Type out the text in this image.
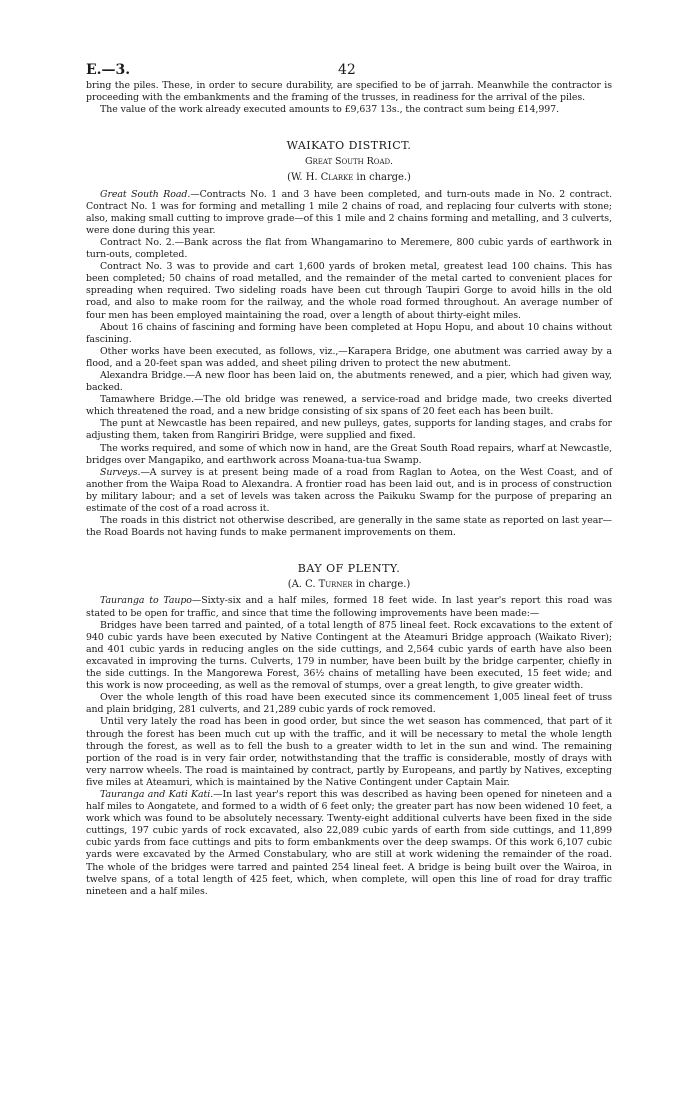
E.—3.	42

bring the piles. These, in order to secure durability, are specified to be of jarrah. Meanwhile the contractor is proceeding with the embankments and the framing of the trusses, in readiness for the arrival of the piles.

The value of the work already executed amounts to £9,637 13s., the contract sum being £14,997.

WAIKATO DISTRICT.
Great South Road.
(W. H. Clarke in charge.)

Great South Road.—Contracts No. 1 and 3 have been completed, and turn-outs made in No. 2 contract. Contract No. 1 was for forming and metalling 1 mile 2 chains of road, and replacing four culverts with stone; also, making small cutting to improve grade—of this 1 mile and 2 chains forming and metalling, and 3 culverts, were done during this year.

Contract No. 2.—Bank across the flat from Whangamarino to Meremere, 800 cubic yards of earthwork in turn-outs, completed.

Contract No. 3 was to provide and cart 1,600 yards of broken metal, greatest lead 100 chains. This has been completed; 50 chains of road metalled, and the remainder of the metal carted to convenient places for spreading when required. Two sideling roads have been cut through Taupiri Gorge to avoid hills in the old road, and also to make room for the railway, and the whole road formed throughout. An average number of four men has been employed maintaining the road, over a length of about thirty-eight miles.

About 16 chains of fascining and forming have been completed at Hopu Hopu, and about 10 chains without fascining.

Other works have been executed, as follows, viz.,—Karapera Bridge, one abutment was carried away by a flood, and a 20-feet span was added, and sheet piling driven to protect the new abutment.

Alexandra Bridge.—A new floor has been laid on, the abutments renewed, and a pier, which had given way, backed.

Tamawhere Bridge.—The old bridge was renewed, a service-road and bridge made, two creeks diverted which threatened the road, and a new bridge consisting of six spans of 20 feet each has been built.

The punt at Newcastle has been repaired, and new pulleys, gates, supports for landing stages, and crabs for adjusting them, taken from Rangiriri Bridge, were supplied and fixed.

The works required, and some of which now in hand, are the Great South Road repairs, wharf at Newcastle, bridges over Mangapiko, and earthwork across Moana-tua-tua Swamp.

Surveys.—A survey is at present being made of a road from Raglan to Aotea, on the West Coast, and of another from the Waipa Road to Alexandra. A frontier road has been laid out, and is in process of construction by military labour; and a set of levels was taken across the Paikuku Swamp for the purpose of preparing an estimate of the cost of a road across it.

The roads in this district not otherwise described, are generally in the same state as reported on last year—the Road Boards not having funds to make permanent improvements on them.

BAY OF PLENTY.
(A. C. Turner in charge.)

Tauranga to Taupo—Sixty-six and a half miles, formed 18 feet wide. In last year's report this road was stated to be open for traffic, and since that time the following improvements have been made:—

Bridges have been tarred and painted, of a total length of 875 lineal feet. Rock excavations to the extent of 940 cubic yards have been executed by Native Contingent at the Ateamuri Bridge approach (Waikato River); and 401 cubic yards in reducing angles on the side cuttings, and 2,564 cubic yards of earth have also been excavated in improving the turns. Culverts, 179 in number, have been built by the bridge carpenter, chiefly in the side cuttings. In the Mangorewa Forest, 36½ chains of metalling have been executed, 15 feet wide; and this work is now proceeding, as well as the removal of stumps, over a great length, to give greater width.

Over the whole length of this road have been executed since its commencement 1,005 lineal feet of truss and plain bridging, 281 culverts, and 21,289 cubic yards of rock removed.

Until very lately the road has been in good order, but since the wet season has commenced, that part of it through the forest has been much cut up with the traffic, and it will be necessary to metal the whole length through the forest, as well as to fell the bush to a greater width to let in the sun and wind. The remaining portion of the road is in very fair order, notwithstanding that the traffic is considerable, mostly of drays with very narrow wheels. The road is maintained by contract, partly by Europeans, and partly by Natives, excepting five miles at Ateamuri, which is maintained by the Native Contingent under Captain Mair.

Tauranga and Kati Kati.—In last year's report this was described as having been opened for nineteen and a half miles to Aongatete, and formed to a width of 6 feet only; the greater part has now been widened 10 feet, a work which was found to be absolutely necessary. Twenty-eight additional culverts have been fixed in the side cuttings, 197 cubic yards of rock excavated, also 22,089 cubic yards of earth from side cuttings, and 11,899 cubic yards from face cuttings and pits to form embankments over the deep swamps. Of this work 6,107 cubic yards were excavated by the Armed Constabulary, who are still at work widening the remainder of the road. The whole of the bridges were tarred and painted 254 lineal feet. A bridge is being built over the Wairoa, in twelve spans, of a total length of 425 feet, which, when complete, will open this line of road for dray traffic nineteen and a half miles.
